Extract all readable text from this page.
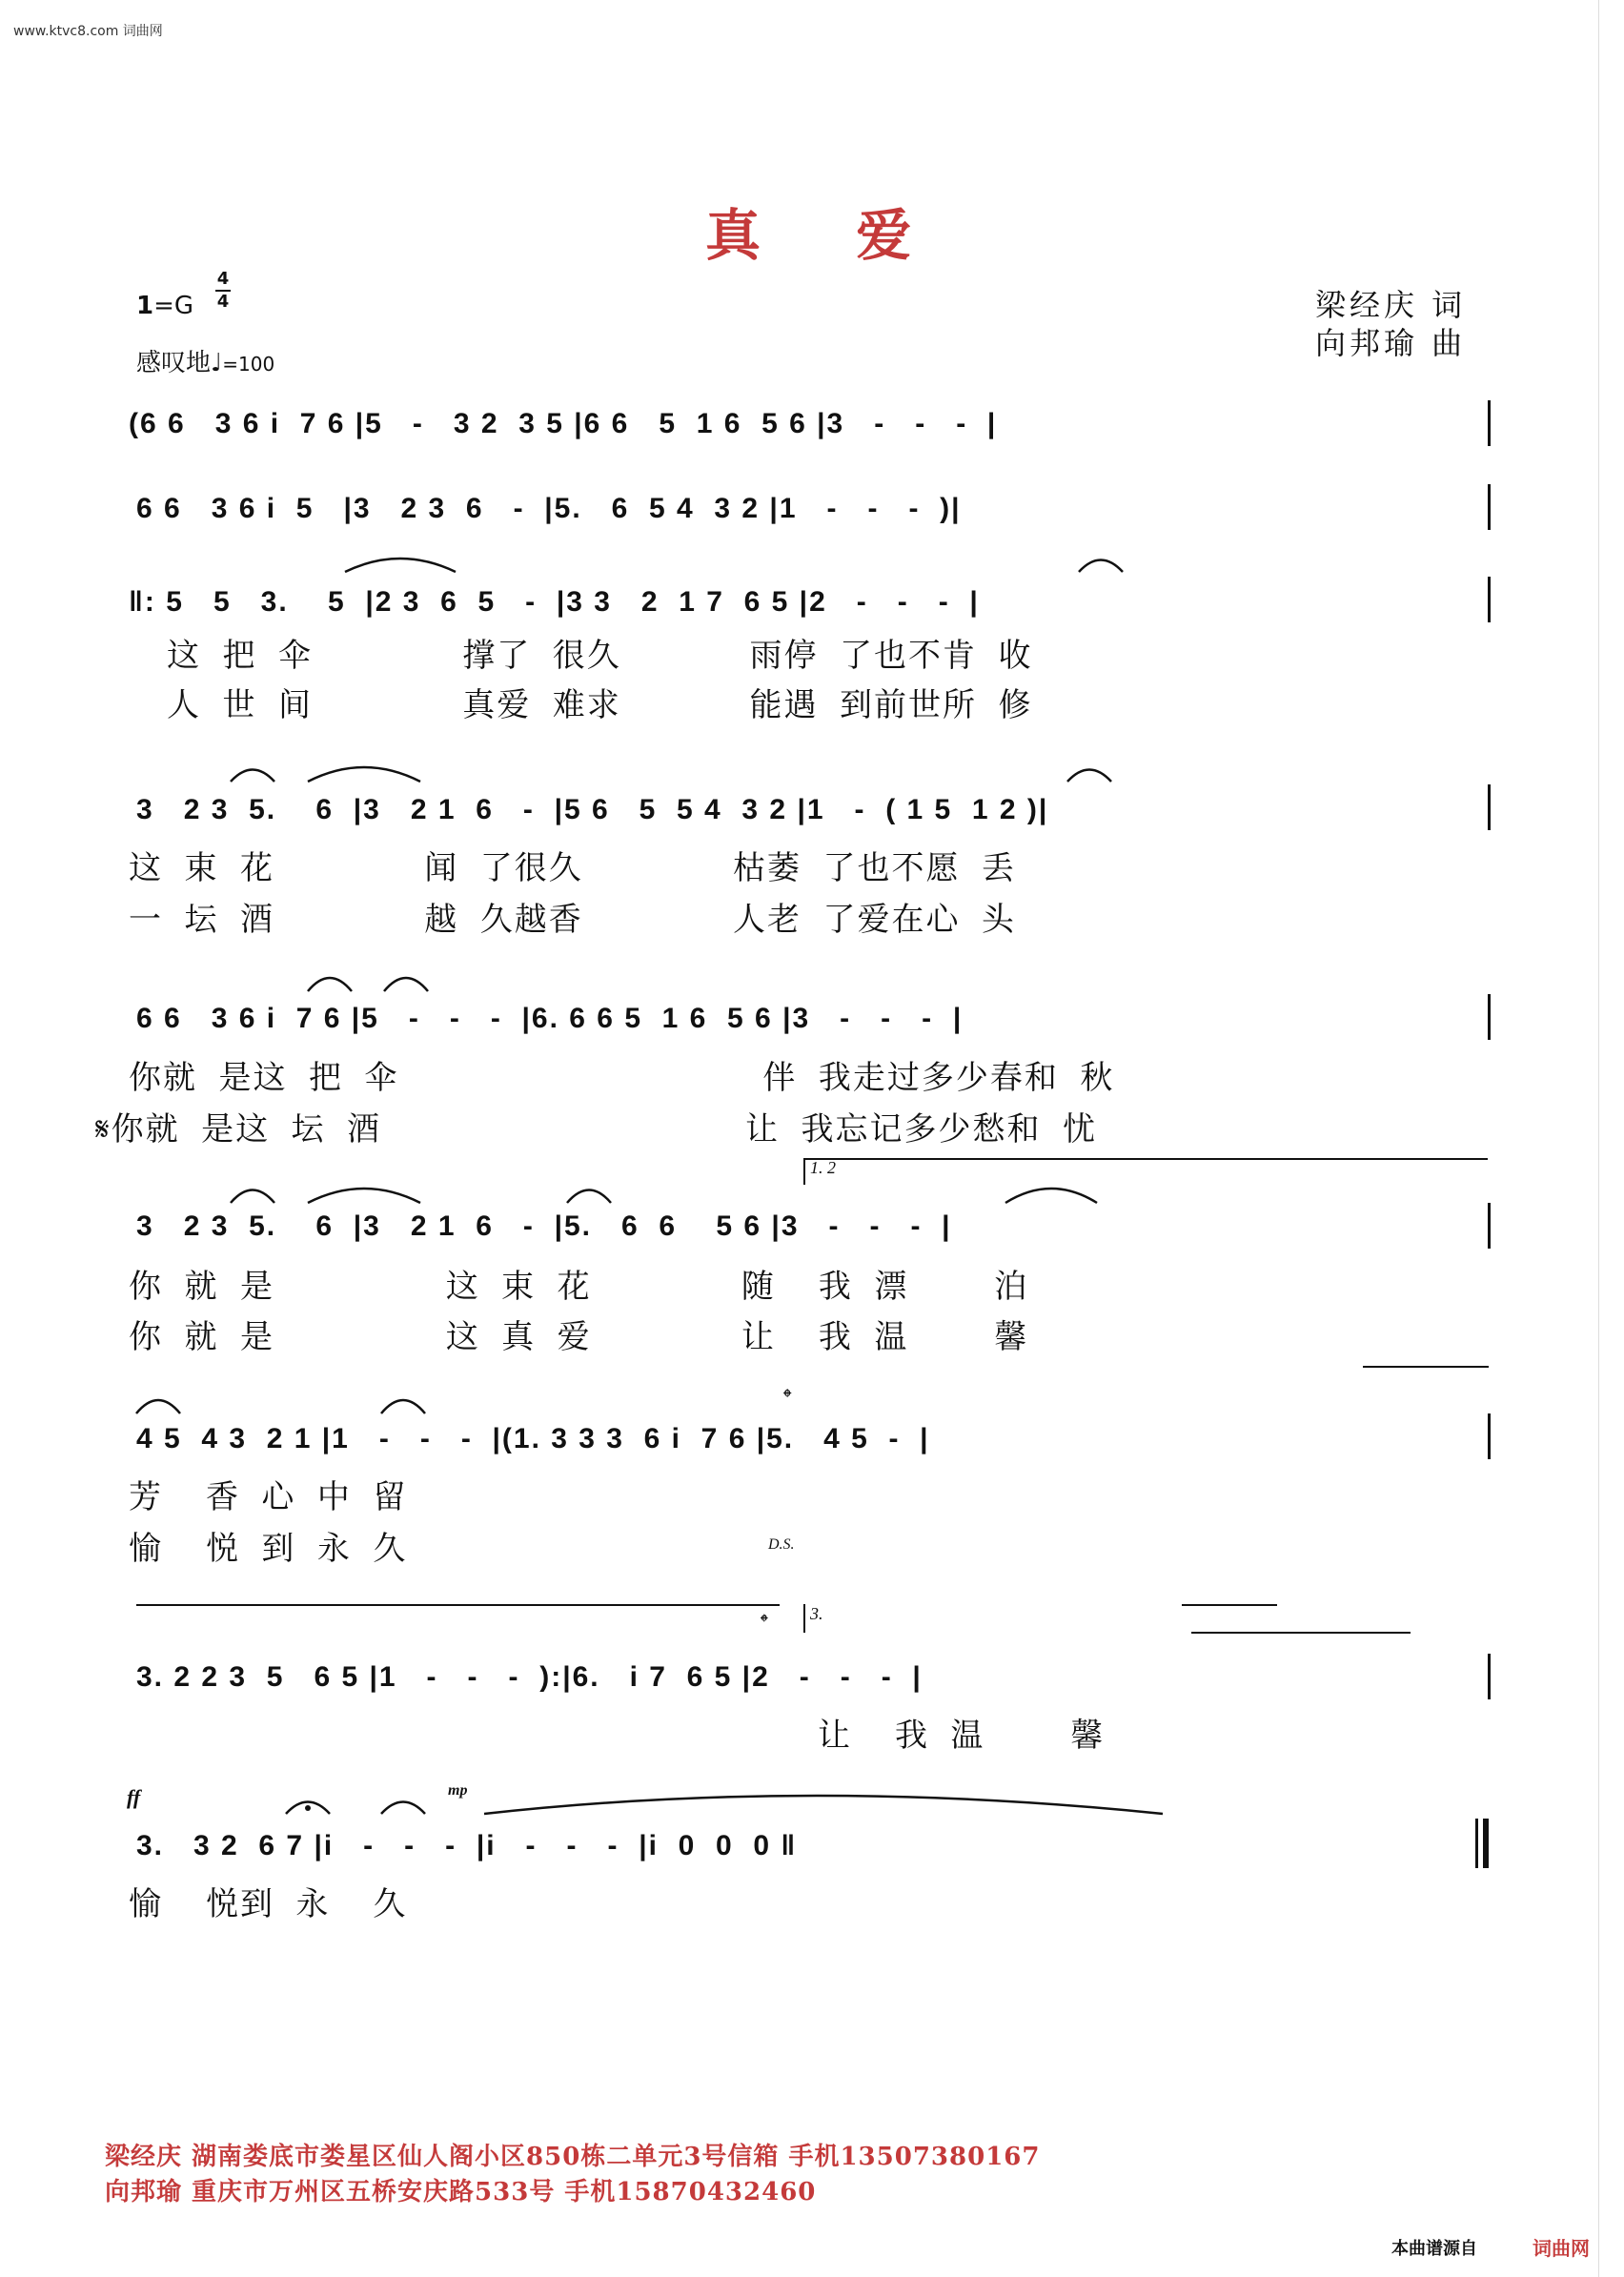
www.ktvc8.com 词曲网
真 爱
1=G
4
4
感叹地♩=100
梁经庆 词
向邦瑜 曲
(6 6   3 6 i  7 6 |5   -   3 2  3 5 |6 6   5  1 6  5 6 |3   -   -   -  |
6 6   3 6 i  5   |3   2 3  6   -  |5.   6  5 4  3 2 |1   -   -   -  )|
‖: 5   5   3.    5  |2 3  6  5   -  |3 3   2  1 7  6 5 |2   -   -   -  |
这 把 伞       撑了 很久      雨停 了也不肯 收
人 世 间       真爱 难求      能遇 到前世所 修
3   2 3  5.    6  |3   2 1  6   -  |5 6   5  5 4  3 2 |1   -  ( 1 5  1 2 )|
这 束 花       闻 了很久       枯萎 了也不愿 丢
一 坛 酒       越 久越香       人老 了爱在心 头
6 6   3 6 i  7 6 |5   -   -   -  |6. 6 6 5  1 6  5 6 |3   -   -   -  |
你就 是这 把 伞                 伴 我走过多少春和 秋
𝄋你就 是这 坛 酒                 让 我忘记多少愁和 忧
1. 2
3   2 3  5.    6  |3   2 1  6   -  |5.   6  6    5 6 |3   -   -   -  |
你 就 是        这 束 花       随  我 漂    泊
你 就 是        这 真 爱       让  我 温    馨
𝄌
4 5  4 3  2 1 |1   -   -   -  |(1. 3 3 3  6 i  7 6 |5.   4 5  -  |
芳  香 心 中 留
愉  悦 到 永 久	D.S.
𝄌 3.
3. 2 2 3  5   6 5 |1   -   -   -  ):|6.   i 7  6 5 |2   -   -   -  |
让  我 温    馨
ff	mp
3.   3 2  6 7 |i   -   -   -  |i   -   -   -  |i  0  0  0 ‖
愉  悦到 永  久
梁经庆 湖南娄底市娄星区仙人阁小区850栋二单元3号信箱 手机13507380167
向邦瑜 重庆市万州区五桥安庆路533号 手机15870432460
本曲谱源自	词曲网
